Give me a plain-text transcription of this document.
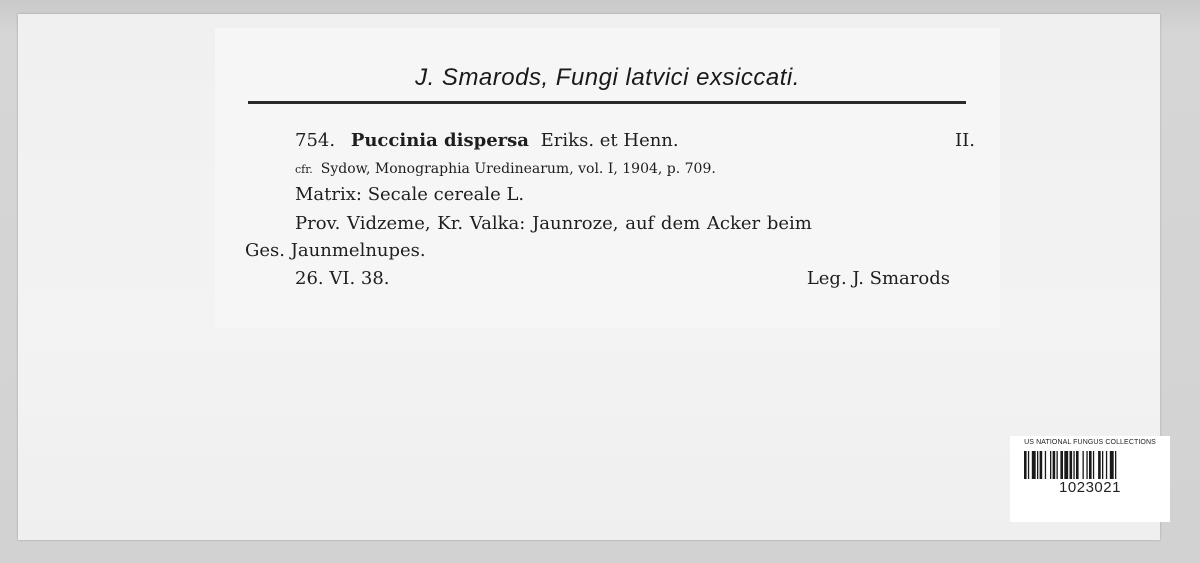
J. Smarods, Fungi latvici exsiccati.
754. Puccinia dispersa Eriks. et Henn.	II.
cfr. Sydow, Monographia Uredinearum, vol. I, 1904, p. 709.
Matrix: Secale cereale L.
Prov. Vidzeme, Kr. Valka: Jaunroze, auf dem Acker beim
Ges. Jaunmelnupes.
26. VI. 38.	Leg. J. Smarods
US NATIONAL FUNGUS COLLECTIONS
1023021
